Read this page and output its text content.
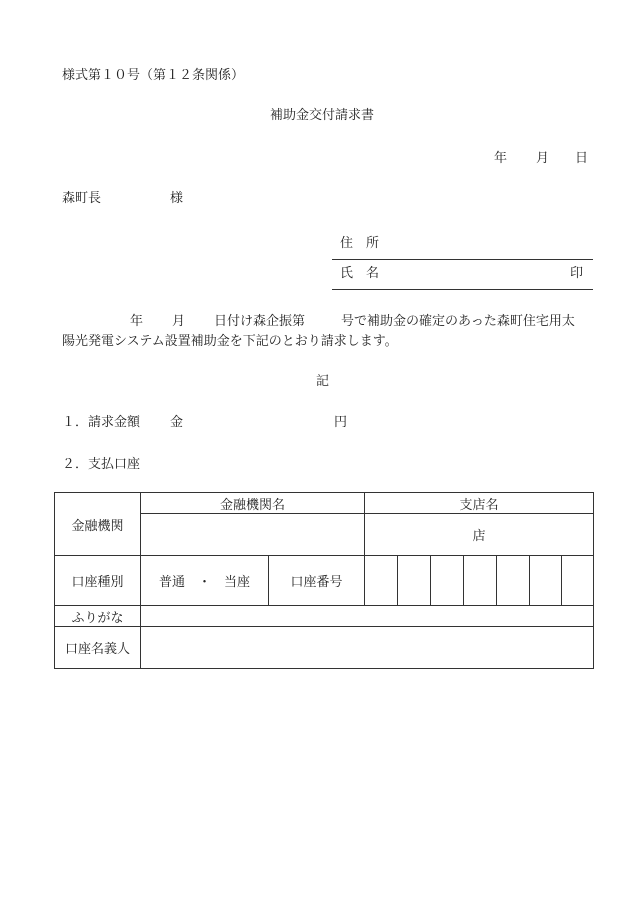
様式第１０号（第１２条関係）
補助金交付請求書
年 月 日
森町長	様
住　所
氏　名	印
年 月 日付け森企振第	号で補助金の確定のあった森町住宅用太
陽光発電システム設置補助金を下記のとおり請求します。
記
１．請求金額 金	円
２．支払口座
金融機関	金融機関名		支店名						
			店						
口座種別	普通　・　当座	口座番号							
ふりがな									
口座名義人									
